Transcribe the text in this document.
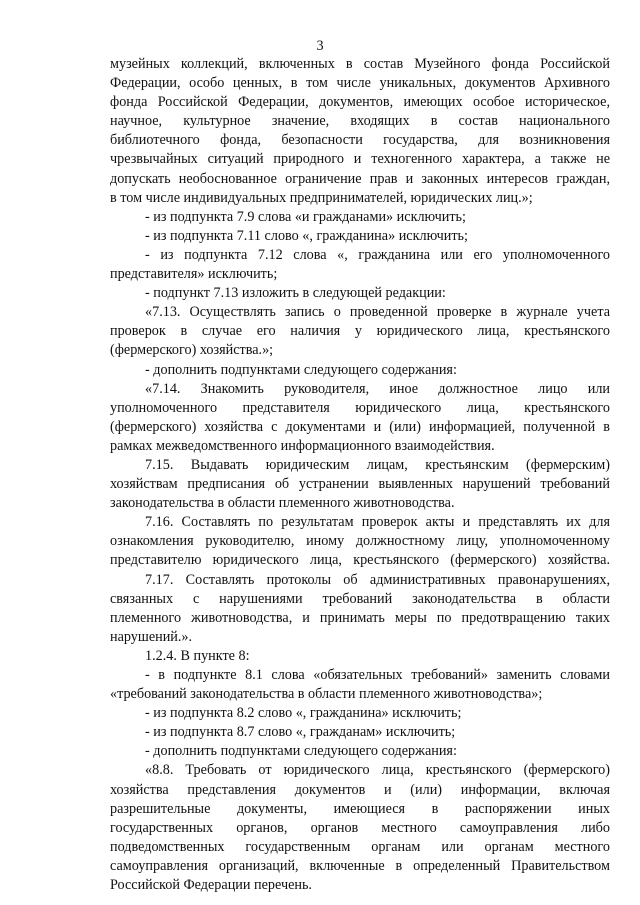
3

музейных коллекций, включенных в состав Музейного фонда Российской

Федерации, особо ценных, в том числе уникальных, документов Архивного

фонда Российской Федерации, документов, имеющих особое историческое,

научное, культурное значение, входящих в состав национального

библиотечного фонда, безопасности государства, для возникновения

чрезвычайных ситуаций природного и техногенного характера, а также не

допускать необоснованное ограничение прав и законных интересов граждан,

в том числе индивидуальных предпринимателей, юридических лиц.»;

- из подпункта 7.9 слова «и гражданами» исключить;

- из подпункта 7.11 слово «, гражданина» исключить;

- из подпункта 7.12 слова «, гражданина или его уполномоченного

представителя» исключить;

- подпункт 7.13 изложить в следующей редакции:

«7.13. Осуществлять запись о проведенной проверке в журнале учета

проверок в случае его наличия у юридического лица, крестьянского

(фермерского) хозяйства.»;

- дополнить подпунктами следующего содержания:

«7.14. Знакомить руководителя, иное должностное лицо или

уполномоченного представителя юридического лица, крестьянского

(фермерского) хозяйства с документами и (или) информацией, полученной в

рамках межведомственного информационного взаимодействия.

7.15. Выдавать юридическим лицам, крестьянским (фермерским)

хозяйствам предписания об устранении выявленных нарушений требований

законодательства в области племенного животноводства.

7.16. Составлять по результатам проверок акты и представлять их для

ознакомления руководителю, иному должностному лицу, уполномоченному

представителю юридического лица, крестьянского (фермерского) хозяйства.

7.17. Составлять протоколы об административных правонарушениях,

связанных с нарушениями требований законодательства в области

племенного животноводства, и принимать меры по предотвращению таких

нарушений.».

1.2.4. В пункте 8:

- в подпункте 8.1 слова «обязательных требований» заменить словами

«требований законодательства в области племенного животноводства»;

- из подпункта 8.2 слово «, гражданина» исключить;

- из подпункта 8.7 слово «, гражданам» исключить;

- дополнить подпунктами следующего содержания:

«8.8. Требовать от юридического лица, крестьянского (фермерского)

хозяйства представления документов и (или) информации, включая

разрешительные документы, имеющиеся в распоряжении иных

государственных органов, органов местного самоуправления либо

подведомственных государственным органам или органам местного

самоуправления организаций, включенные в определенный Правительством

Российской Федерации перечень.
